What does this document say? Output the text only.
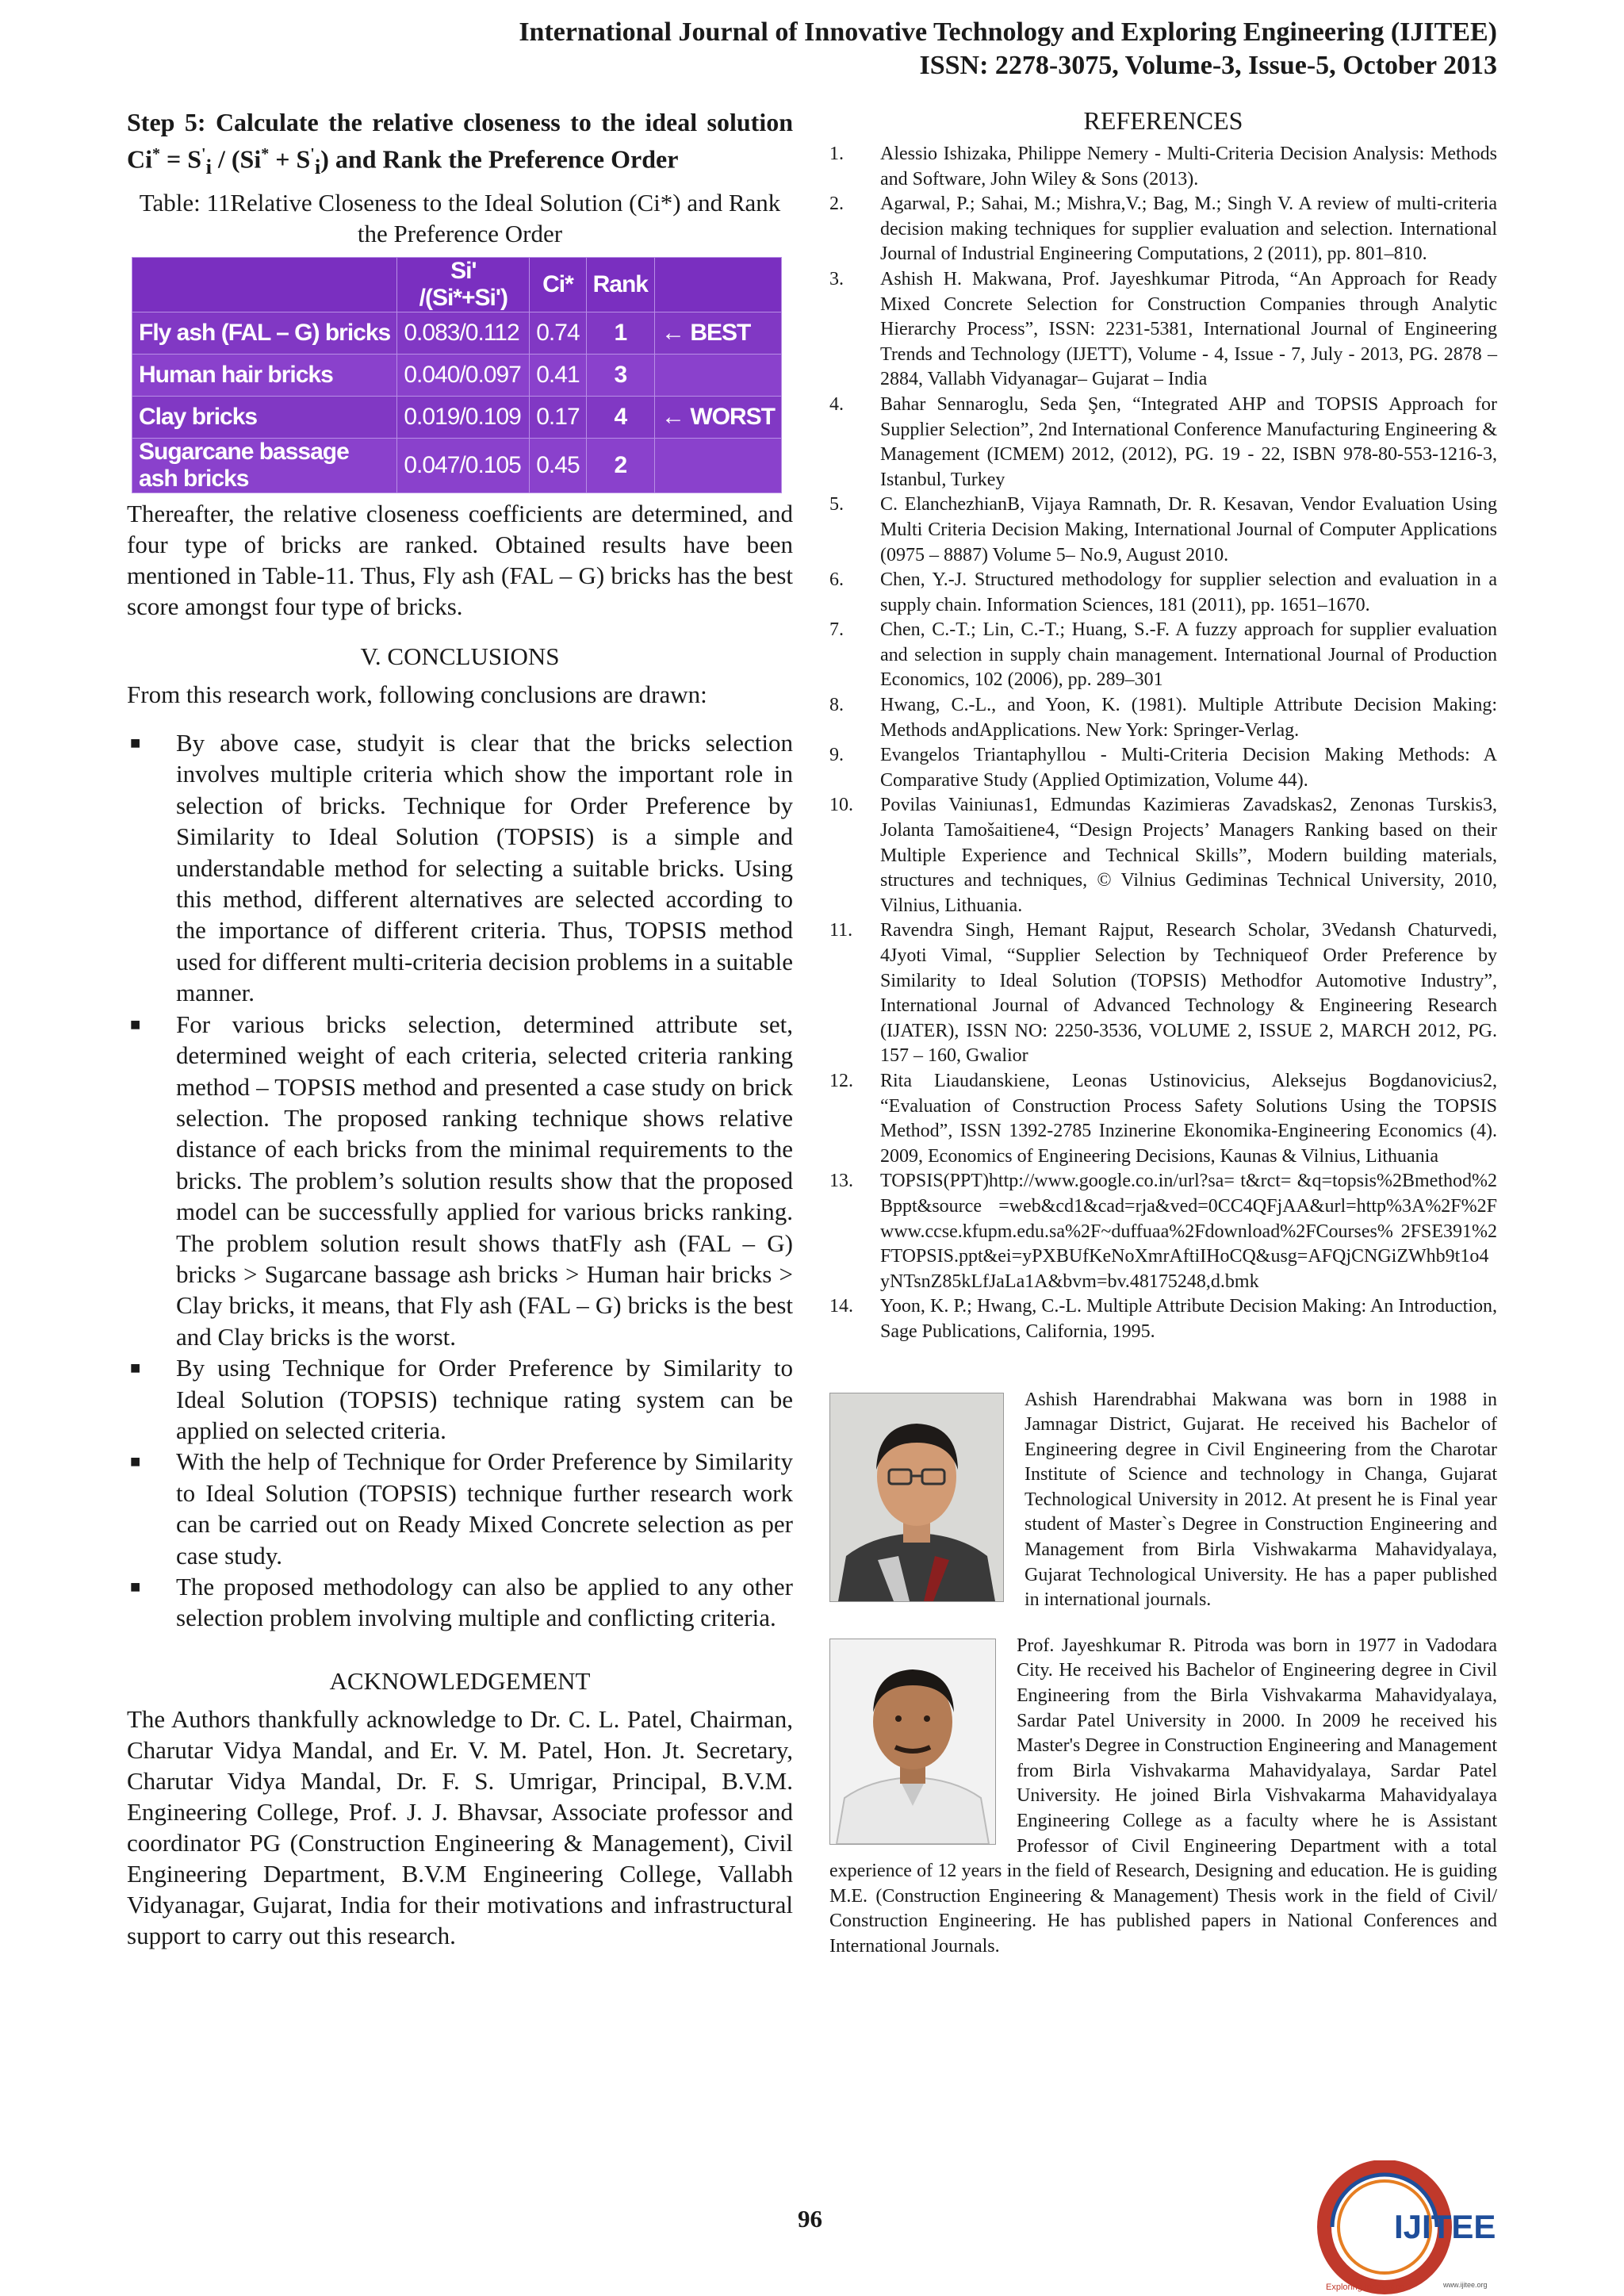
International Journal of Innovative Technology and Exploring Engineering (IJITEE)
ISSN: 2278-3075, Volume-3, Issue-5, October 2013

Step 5: Calculate the relative closeness to the ideal solution $Ci^* = S'_i / (Si^* + S'_i)$ and Rank the Preference Order

Table: 11Relative Closeness to the Ideal Solution (Ci*) and Rank the Preference Order
	Si' /(Si*+Si')	Ci*	Rank	
Fly ash (FAL – G) bricks	0.083/0.112	0.74	1	← BEST
Human hair bricks	0.040/0.097	0.41	3	
Clay bricks	0.019/0.109	0.17	4	← WORST
Sugarcane bassage ash bricks	0.047/0.105	0.45	2	

Thereafter, the relative closeness coefficients are determined, and four type of bricks are ranked. Obtained results have been mentioned in Table-11. Thus, Fly ash (FAL – G) bricks has the best score amongst four type of bricks.

V. CONCLUSIONS

From this research work, following conclusions are drawn:

■ By above case, studyit is clear that the bricks selection involves multiple criteria which show the important role in selection of bricks. Technique for Order Preference by Similarity to Ideal Solution (TOPSIS) is a simple and understandable method for selecting a suitable bricks. Using this method, different alternatives are selected according to the importance of different criteria. Thus, TOPSIS method used for different multi-criteria decision problems in a suitable manner.
■ For various bricks selection, determined attribute set, determined weight of each criteria, selected criteria ranking method – TOPSIS method and presented a case study on brick selection. The proposed ranking technique shows relative distance of each bricks from the minimal requirements to the bricks. The problem’s solution results show that the proposed model can be successfully applied for various bricks ranking. The problem solution result shows thatFly ash (FAL – G) bricks > Sugarcane bassage ash bricks > Human hair bricks > Clay bricks, it means, that Fly ash (FAL – G) bricks is the best and Clay bricks is the worst.
■ By using Technique for Order Preference by Similarity to Ideal Solution (TOPSIS) technique rating system can be applied on selected criteria.
■ With the help of Technique for Order Preference by Similarity to Ideal Solution (TOPSIS) technique further research work can be carried out on Ready Mixed Concrete selection as per case study.
■ The proposed methodology can also be applied to any other selection problem involving multiple and conflicting criteria.
ACKNOWLEDGEMENT

The Authors thankfully acknowledge to Dr. C. L. Patel, Chairman, Charutar Vidya Mandal, and Er. V. M. Patel, Hon. Jt. Secretary, Charutar Vidya Mandal, Dr. F. S. Umrigar, Principal, B.V.M. Engineering College, Prof. J. J. Bhavsar, Associate professor and coordinator PG (Construction Engineering & Management), Civil Engineering Department, B.V.M Engineering College, Vallabh Vidyanagar, Gujarat, India for their motivations and infrastructural support to carry out this research.

REFERENCES
1. Alessio Ishizaka, Philippe Nemery - Multi-Criteria Decision Analysis: Methods and Software, John Wiley & Sons (2013).
2. Agarwal, P.; Sahai, M.; Mishra,V.; Bag, M.; Singh V. A review of multi-criteria decision making techniques for supplier evaluation and selection. International Journal of Industrial Engineering Computations, 2 (2011), pp. 801–810.
3. Ashish H. Makwana, Prof. Jayeshkumar Pitroda, “An Approach for Ready Mixed Concrete Selection for Construction Companies through Analytic Hierarchy Process”, ISSN: 2231-5381, International Journal of Engineering Trends and Technology (IJETT), Volume - 4, Issue - 7, July - 2013, PG. 2878 – 2884, Vallabh Vidyanagar– Gujarat – India
4. Bahar Sennaroglu, Seda Şen, “Integrated AHP and TOPSIS Approach for Supplier Selection”, 2nd International Conference Manufacturing Engineering & Management (ICMEM) 2012, (2012), PG. 19 - 22, ISBN 978-80-553-1216-3, Istanbul, Turkey
5. C. ElanchezhianB, Vijaya Ramnath, Dr. R. Kesavan, Vendor Evaluation Using Multi Criteria Decision Making, International Journal of Computer Applications (0975 – 8887) Volume 5– No.9, August 2010.
6. Chen, Y.-J. Structured methodology for supplier selection and evaluation in a supply chain. Information Sciences, 181 (2011), pp. 1651–1670.
7. Chen, C.-T.; Lin, C.-T.; Huang, S.-F. A fuzzy approach for supplier evaluation and selection in supply chain management. International Journal of Production Economics, 102 (2006), pp. 289–301
8. Hwang, C.-L., and Yoon, K. (1981). Multiple Attribute Decision Making: Methods andApplications. New York: Springer-Verlag.
9. Evangelos Triantaphyllou - Multi-Criteria Decision Making Methods: A Comparative Study (Applied Optimization, Volume 44).
10. Povilas Vainiunas1, Edmundas Kazimieras Zavadskas2, Zenonas Turskis3, Jolanta Tamošaitiene4, “Design Projects’ Managers Ranking based on their Multiple Experience and Technical Skills”, Modern building materials, structures and techniques, © Vilnius Gediminas Technical University, 2010, Vilnius, Lithuania.
11. Ravendra Singh, Hemant Rajput, Research Scholar, 3Vedansh Chaturvedi, 4Jyoti Vimal, “Supplier Selection by Techniqueof Order Preference by Similarity to Ideal Solution (TOPSIS) Methodfor Automotive Industry”, International Journal of Advanced Technology & Engineering Research (IJATER), ISSN NO: 2250-3536, VOLUME 2, ISSUE 2, MARCH 2012, PG. 157 – 160, Gwalior
12. Rita Liaudanskiene, Leonas Ustinovicius, Aleksejus Bogdanovicius2, “Evaluation of Construction Process Safety Solutions Using the TOPSIS Method”, ISSN 1392-2785 Inzinerine Ekonomika-Engineering Economics (4). 2009, Economics of Engineering Decisions, Kaunas & Vilnius, Lithuania
13. TOPSIS(PPT)http://www.google.co.in/url?sa= t&rct= &q=topsis%2Bmethod%2Bppt&source =web&cd1&cad=rja&ved=0CC4QFjAA&url=http%3A%2F%2Fwww.ccse.kfupm.edu.sa%2F~duffuaa%2Fdownload%2FCourses% 2FSE391%2FTOPSIS.ppt&ei=yPXBUfKeNoXmrAftiIHoCQ&usg=AFQjCNGiZWhb9t1o4yNTsnZ85kLfJaLa1A&bvm=bv.48175248,d.bmk
14. Yoon, K. P.; Hwang, C.-L. Multiple Attribute Decision Making: An Introduction, Sage Publications, California, 1995.
Ashish Harendrabhai Makwana was born in 1988 in Jamnagar District, Gujarat. He received his Bachelor of Engineering degree in Civil Engineering from the Charotar Institute of Science and technology in Changa, Gujarat Technological University in 2012. At present he is Final year student of Master`s Degree in Construction Engineering and Management from Birla Vishwakarma Mahavidyalaya, Gujarat Technological University. He has a paper published in international journals.
Prof. Jayeshkumar R. Pitroda was born in 1977 in Vadodara City. He received his Bachelor of Engineering degree in Civil Engineering from the Birla Vishvakarma Mahavidyalaya, Sardar Patel University in 2000. In 2009 he received his Master's Degree in Construction Engineering and Management from Birla Vishvakarma Mahavidyalaya, Sardar Patel University. He joined Birla Vishvakarma Mahavidyalaya Engineering College as a faculty where he is Assistant Professor of Civil Engineering Department with a total experience of 12 years in the field of Research, Designing and education. He is guiding M.E. (Construction Engineering & Management) Thesis work in the field of Civil/ Construction Engineering. He has published papers in National Conferences and International Journals.
96	IJITEE
Exploring Innovation	www.ijitee.org
